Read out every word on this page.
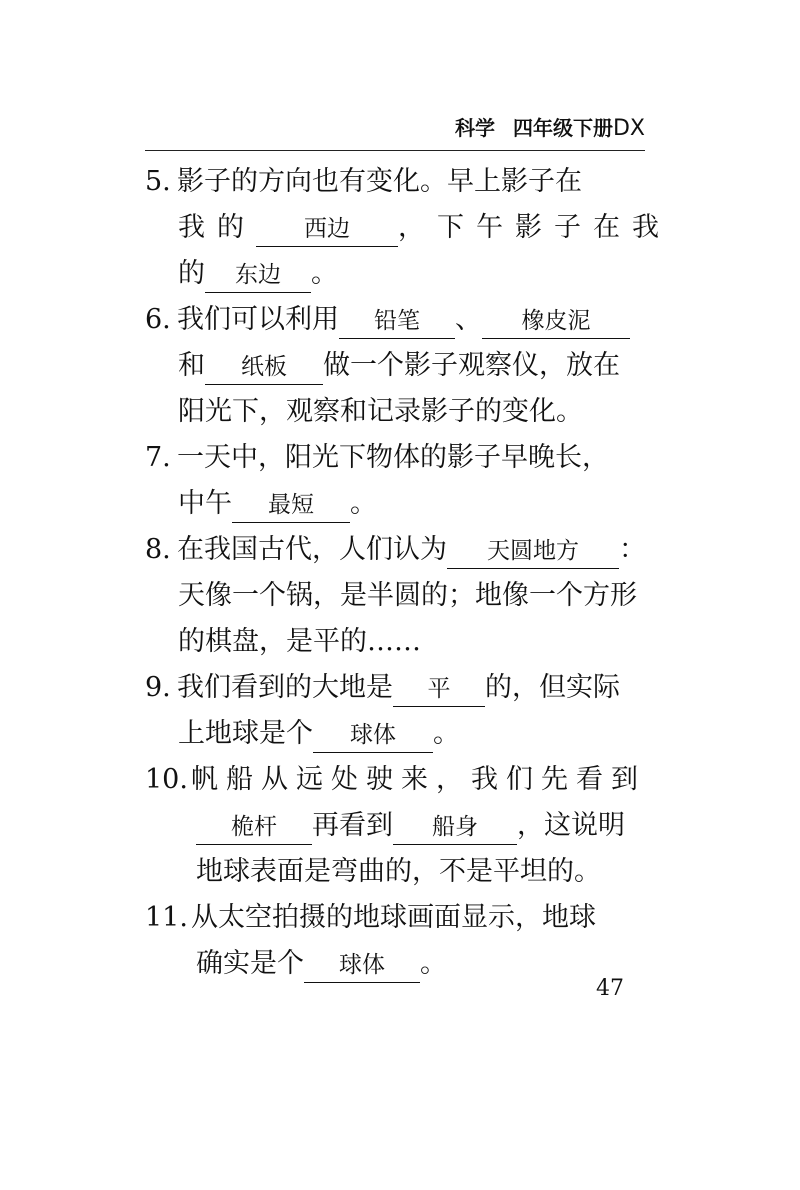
科学 四年级下册DX
5. 影子的方向也有变化。早上影子在
我的 西边 ，下午影子在我
的 东边 。
6. 我们可以利用 铅笔 、 橡皮泥
和 纸板 做一个影子观察仪，放在
阳光下，观察和记录影子的变化。
7. 一天中，阳光下物体的影子早晚长，
中午 最短 。
8. 在我国古代，人们认为 天圆地方 ：
天像一个锅，是半圆的；地像一个方形
的棋盘，是平的……
9. 我们看到的大地是 平 的，但实际
上地球是个 球体 。
10. 帆船从远处驶来，我们先看到
桅杆 再看到 船身 ，这说明
地球表面是弯曲的，不是平坦的。
11. 从太空拍摄的地球画面显示，地球
确实是个 球体 。
47
